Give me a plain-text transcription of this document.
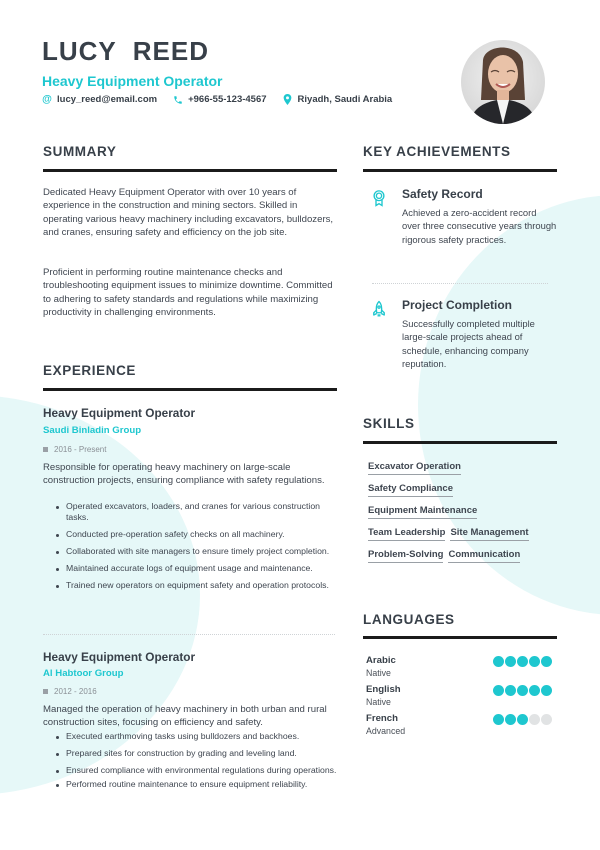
LUCY  REED
Heavy Equipment Operator
@ lucy_reed@email.com	+966-55-123-4567	Riyadh, Saudi Arabia
SUMMARY
Dedicated Heavy Equipment Operator with over 10 years of experience in the construction and mining sectors. Skilled in operating various heavy machinery including excavators, bulldozers, and cranes, ensuring safety and efficiency on the job site.
Proficient in performing routine maintenance checks and troubleshooting equipment issues to minimize downtime. Committed to adhering to safety standards and regulations while maximizing productivity in challenging environments.
KEY ACHIEVEMENTS
Safety Record
Achieved a zero-accident record over three consecutive years through rigorous safety practices.
Project Completion
Successfully completed multiple large-scale projects ahead of schedule, enhancing company reputation.
EXPERIENCE
Heavy Equipment Operator
Saudi Binladin Group
2016 - Present
Responsible for operating heavy machinery on large-scale construction projects, ensuring compliance with safety regulations.
Operated excavators, loaders, and cranes for various construction tasks.
Conducted pre-operation safety checks on all machinery.
Collaborated with site managers to ensure timely project completion.
Maintained accurate logs of equipment usage and maintenance.
Trained new operators on equipment safety and operation protocols.
Heavy Equipment Operator
Al Habtoor Group
2012 - 2016
Managed the operation of heavy machinery in both urban and rural construction sites, focusing on efficiency and safety.
Executed earthmoving tasks using bulldozers and backhoes.
Prepared sites for construction by grading and leveling land.
Ensured compliance with environmental regulations during operations.
Performed routine maintenance to ensure equipment reliability.
SKILLS
Excavator Operation
Safety Compliance
Equipment Maintenance
Team Leadership Site Management
Problem-Solving Communication
LANGUAGES
Arabic
Native
English
Native
French
Advanced
